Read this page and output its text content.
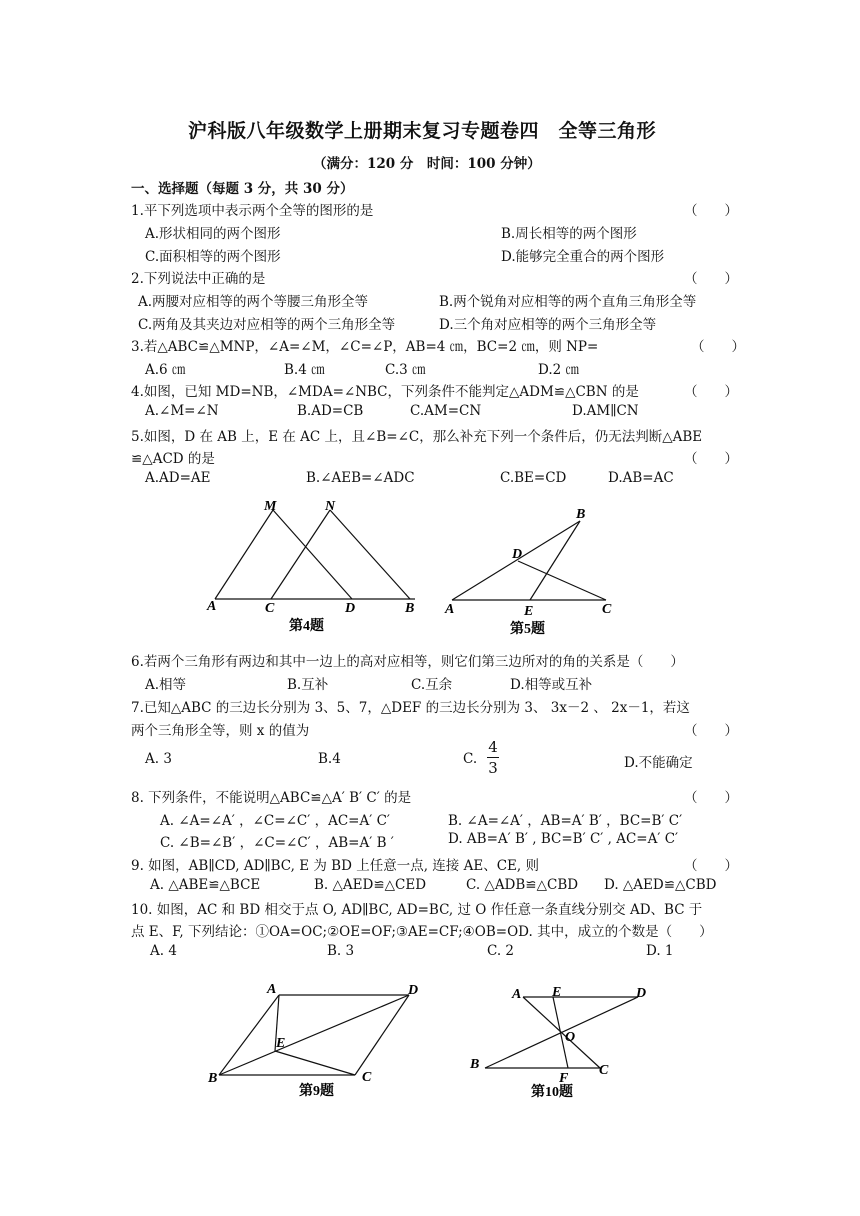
沪科版八年级数学上册期末复习专题卷四　全等三角形
（满分：120 分　时间：100 分钟）
一、选择题（每题 3 分，共 30 分）
1.平下列选项中表示两个全等的图形的是	（　　）
A.形状相同的两个图形	B.周长相等的两个图形
C.面积相等的两个图形	D.能够完全重合的两个图形
2.下列说法中正确的是	（　　）
A.两腰对应相等的两个等腰三角形全等	B.两个锐角对应相等的两个直角三角形全等
C.两角及其夹边对应相等的两个三角形全等	D.三个角对应相等的两个三角形全等
3.若△ABC≌△MNP，∠A=∠M，∠C=∠P，AB=4 ㎝，BC=2 ㎝，则 NP=	（　　）
A.6 ㎝	B.4 ㎝	C.3 ㎝	D.2 ㎝
4.如图，已知 MD=NB，∠MDA=∠NBC，下列条件不能判定△ADM≌△CBN 的是	（　　）
A.∠M=∠N	B.AD=CB	C.AM=CN	D.AM∥CN
5.如图，D 在 AB 上，E 在 AC 上，且∠B=∠C，那么补充下列一个条件后，仍无法判断△ABE
≌△ACD 的是	（　　）
A.AD=AE	B.∠AEB=∠ADC	C.BE=CD	D.AB=AC
M	N
A	C	D	B
第4题
B
D
A	E	C
第5题
6.若两个三角形有两边和其中一边上的高对应相等，则它们第三边所对的角的关系是（　　）
A.相等	B.互补	C.互余	D.相等或互补
7.已知△ABC 的三边长分别为 3、5、7，△DEF 的三边长分别为 3、 3x－2 、 2x－1，若这
两个三角形全等，则 x 的值为	（　　）
A. 3	B.4	C.
4
3	D.不能确定
8. 下列条件，不能说明△ABC≌△A′ B′ C′ 的是	（　　）
A. ∠A=∠A′ ，∠C=∠C′ ，AC=A′ C′	B. ∠A=∠A′ ，AB=A′ B′ ，BC=B′ C′
C. ∠B=∠B′ ，∠C=∠C′ ，AB=A′ B ′	D. AB=A′ B′ , BC=B′ C′ , AC=A′ C′
9. 如图，AB∥CD, AD∥BC, E 为 BD 上任意一点, 连接 AE、CE, 则	（　　）
A. △ABE≌△BCE	B. △AED≌△CED	C. △ADB≌△CBD D. △AED≌△CBD
10. 如图，AC 和 BD 相交于点 O, AD∥BC, AD=BC, 过 O 作任意一条直线分别交 AD、BC 于
点 E、F, 下列结论：①OA=OC;②OE=OF;③AE=CF;④OB=OD. 其中，成立的个数是（　　）
A. 4	B. 3	C. 2	D. 1
A	D
E
B	C
第9题
A E	D
O
B
F
C
第10题
